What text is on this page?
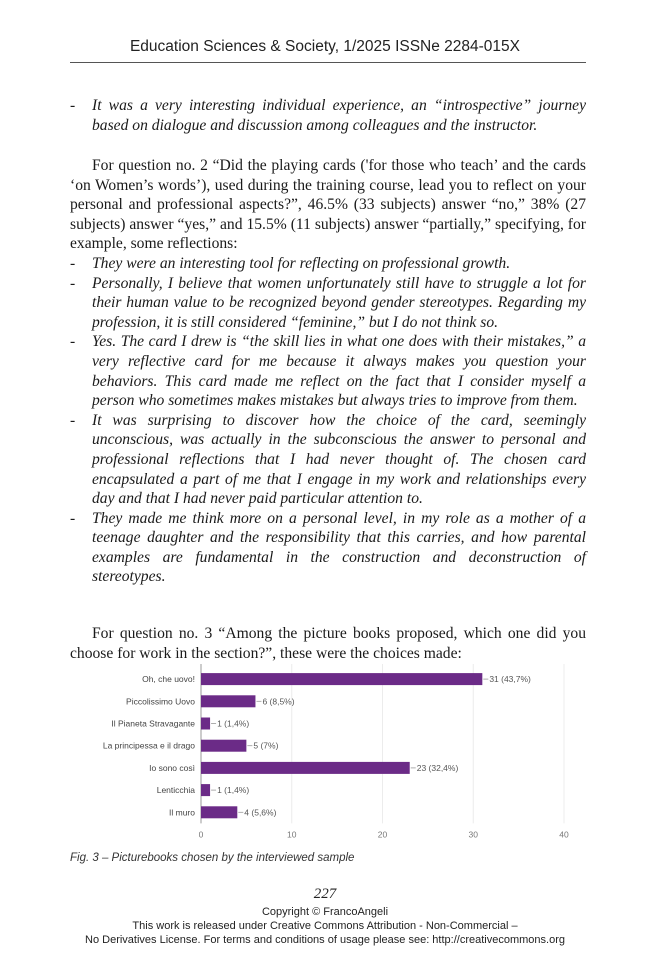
Education Sciences & Society, 1/2025 ISSNe 2284-015X
- It was a very interesting individual experience, an “introspective” journey based on dialogue and discussion among colleagues and the instructor.
For question no. 2 “Did the playing cards ('for those who teach’ and the cards ‘on Women’s words’), used during the training course, lead you to reflect on your personal and professional aspects?”, 46.5% (33 subjects) answer “no,” 38% (27 subjects) answer “yes,” and 15.5% (11 subjects) answer “partially,” specifying, for example, some reflections:
- They were an interesting tool for reflecting on professional growth.
- Personally, I believe that women unfortunately still have to struggle a lot for their human value to be recognized beyond gender stereotypes. Regarding my profession, it is still considered “feminine,” but I do not think so.
- Yes. The card I drew is “the skill lies in what one does with their mistakes,” a very reflective card for me because it always makes you question your behaviors. This card made me reflect on the fact that I consider myself a person who sometimes makes mistakes but always tries to improve from them.
- It was surprising to discover how the choice of the card, seemingly unconscious, was actually in the subconscious the answer to personal and professional reflections that I had never thought of. The chosen card encapsulated a part of me that I engage in my work and relationships every day and that I had never paid particular attention to.
- They made me think more on a personal level, in my role as a mother of a teenage daughter and the responsibility that this carries, and how parental examples are fundamental in the construction and deconstruction of stereotypes.
For question no. 3 “Among the picture books proposed, which one did you choose for work in the section?”, these were the choices made:
0	10	20	30	40
Oh, che uovo!	31 (43,7%)
Piccolissimo Uovo	6 (8,5%)
Il Pianeta Stravagante	1 (1,4%)
La principessa e il drago	5 (7%)
Io sono così	23 (32,4%)
Lenticchia	1 (1,4%)
Il muro	4 (5,6%)
Fig. 3 – Picturebooks chosen by the interviewed sample
227
Copyright © FrancoAngeli
This work is released under Creative Commons Attribution - Non-Commercial –
No Derivatives License. For terms and conditions of usage please see: http://creativecommons.org
